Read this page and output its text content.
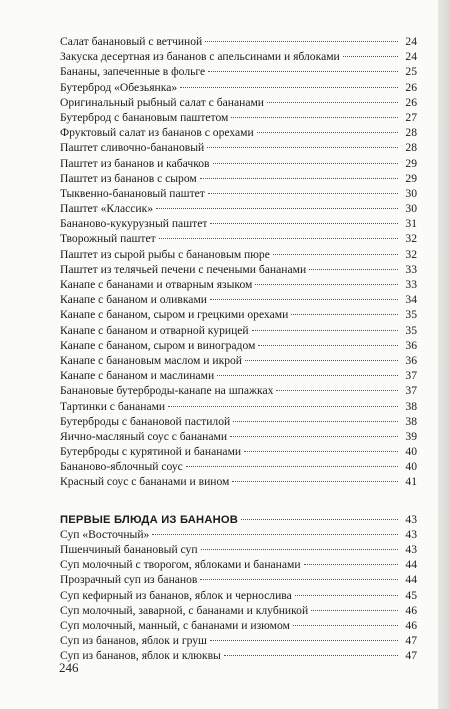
Салат банановый с ветчиной	24
Закуска десертная из бананов с апельсинами и яблоками	24
Бананы, запеченные в фольге	25
Бутерброд «Обезьянка»	26
Оригинальный рыбный салат с бананами	26
Бутерброд с банановым паштетом	27
Фруктовый салат из бананов с орехами	28
Паштет сливочно-банановый	28
Паштет из бананов и кабачков	29
Паштет из бананов с сыром	29
Тыквенно-банановый паштет	30
Паштет «Классик»	30
Бананово-кукурузный паштет	31
Творожный паштет	32
Паштет из сырой рыбы с банановым пюре	32
Паштет из телячьей печени с печеными бананами	33
Канапе с бананами и отварным языком	33
Канапе с бананом и оливками	34
Канапе с бананом, сыром и грецкими орехами	35
Канапе с бананом и отварной курицей	35
Канапе с бананом, сыром и виноградом	36
Канапе с банановым маслом и икрой	36
Канапе с бананом и маслинами	37
Банановые бутерброды-канапе на шпажках	37
Тартинки с бананами	38
Бутерброды с банановой пастилой	38
Яично-масляный соус с бананами	39
Бутерброды с курятиной и бананами	40
Бананово-яблочный соус	40
Красный соус с бананами и вином	41
ПЕРВЫЕ БЛЮДА ИЗ БАНАНОВ	43
Суп «Восточный»	43
Пшенчиный банановый суп	43
Суп молочный с творогом, яблоками и бананами	44
Прозрачный суп из бананов	44
Суп кефирный из бананов, яблок и чернослива	45
Суп молочный, заварной, с бананами и клубникой	46
Суп молочный, манный, с бананами и изюмом	46
Суп из бананов, яблок и груш	47
Суп из бананов, яблок и клюквы	47
246
